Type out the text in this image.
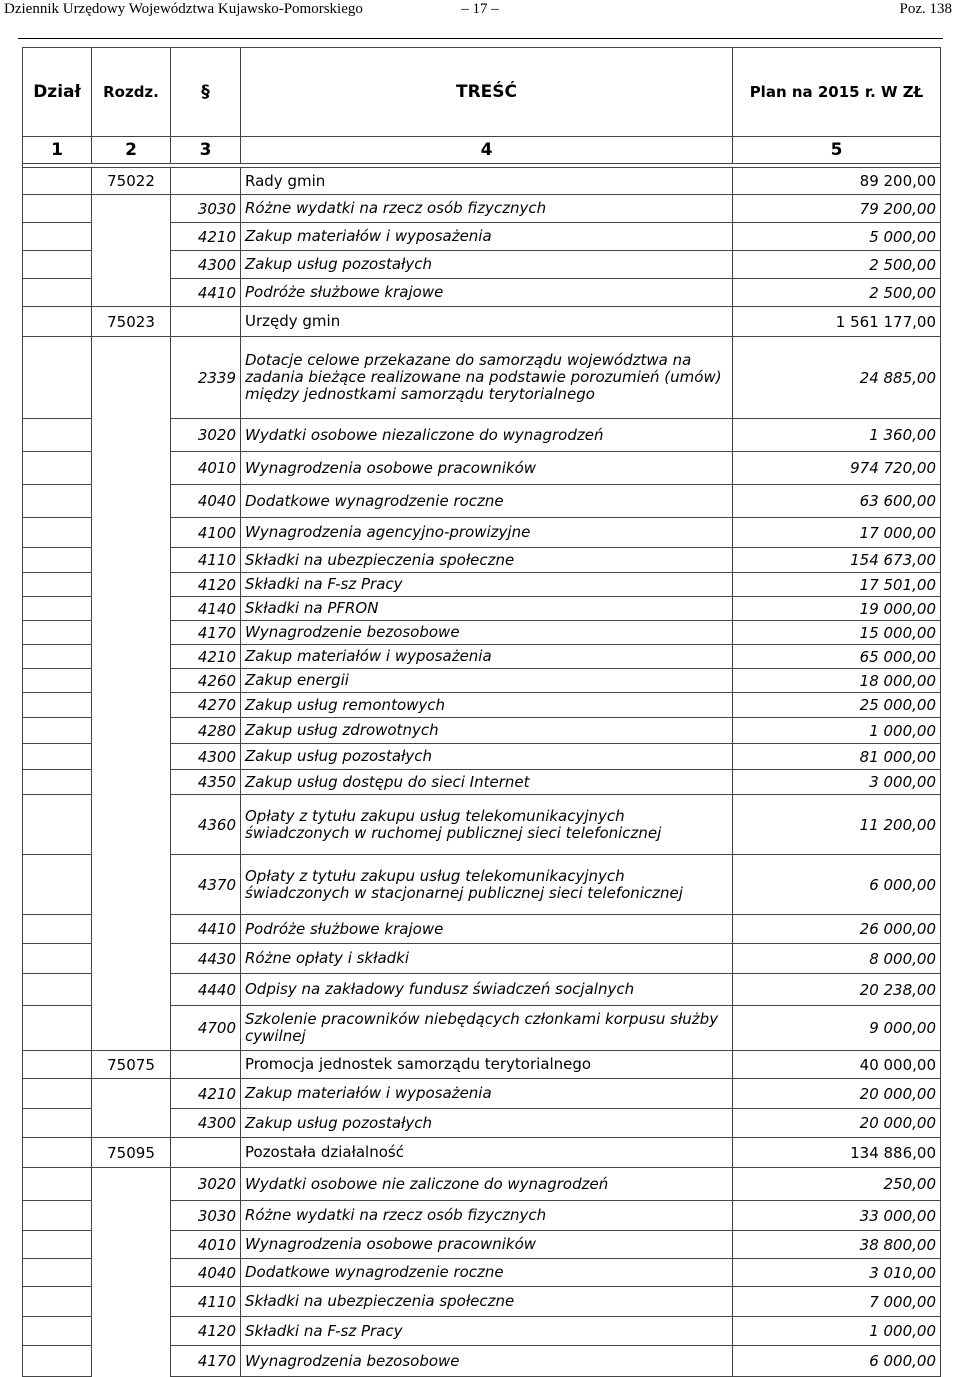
Dziennik Urzędowy Województwa Kujawsko-Pomorskiego	– 17 –	Poz. 138
Dział	Rozdz.	§	TREŚĆ	Plan na 2015 r. W ZŁ
1	2	3	4	5

	75022		Rady gmin	89 200,00
		3030	Różne wydatki na rzecz osób fizycznych	79 200,00
		4210	Zakup materiałów i wyposażenia	5 000,00
		4300	Zakup usług pozostałych	2 500,00
		4410	Podróże służbowe krajowe	2 500,00
	75023		Urzędy gmin	1 561 177,00
		2339	Dotacje celowe przekazane do samorządu województwa na zadania bieżące realizowane na podstawie porozumień (umów) między jednostkami samorządu terytorialnego	24 885,00
		3020	Wydatki osobowe niezaliczone do wynagrodzeń	1 360,00
		4010	Wynagrodzenia osobowe pracowników	974 720,00
		4040	Dodatkowe wynagrodzenie roczne	63 600,00
		4100	Wynagrodzenia agencyjno-prowizyjne	17 000,00
		4110	Składki na ubezpieczenia społeczne	154 673,00
		4120	Składki na F-sz Pracy	17 501,00
		4140	Składki na PFRON	19 000,00
		4170	Wynagrodzenie bezosobowe	15 000,00
		4210	Zakup materiałów i wyposażenia	65 000,00
		4260	Zakup energii	18 000,00
		4270	Zakup usług remontowych	25 000,00
		4280	Zakup usług zdrowotnych	1 000,00
		4300	Zakup usług pozostałych	81 000,00
		4350	Zakup usług dostępu do sieci Internet	3 000,00
		4360	Opłaty z tytułu zakupu usług telekomunikacyjnych świadczonych w ruchomej publicznej sieci telefonicznej	11 200,00
		4370	Opłaty z tytułu zakupu usług telekomunikacyjnych świadczonych w stacjonarnej publicznej sieci telefonicznej	6 000,00
		4410	Podróże służbowe krajowe	26 000,00
		4430	Różne opłaty i składki	8 000,00
		4440	Odpisy na zakładowy fundusz świadczeń socjalnych	20 238,00
		4700	Szkolenie pracowników niebędących członkami korpusu służby cywilnej	9 000,00
	75075		Promocja jednostek samorządu terytorialnego	40 000,00
		4210	Zakup materiałów i wyposażenia	20 000,00
		4300	Zakup usług pozostałych	20 000,00
	75095		Pozostała działalność	134 886,00
		3020	Wydatki osobowe nie zaliczone do wynagrodzeń	250,00
		3030	Różne wydatki na rzecz osób fizycznych	33 000,00
		4010	Wynagrodzenia osobowe pracowników	38 800,00
		4040	Dodatkowe wynagrodzenie roczne	3 010,00
		4110	Składki na ubezpieczenia społeczne	7 000,00
		4120	Składki na F-sz Pracy	1 000,00
		4170	Wynagrodzenia bezosobowe	6 000,00
